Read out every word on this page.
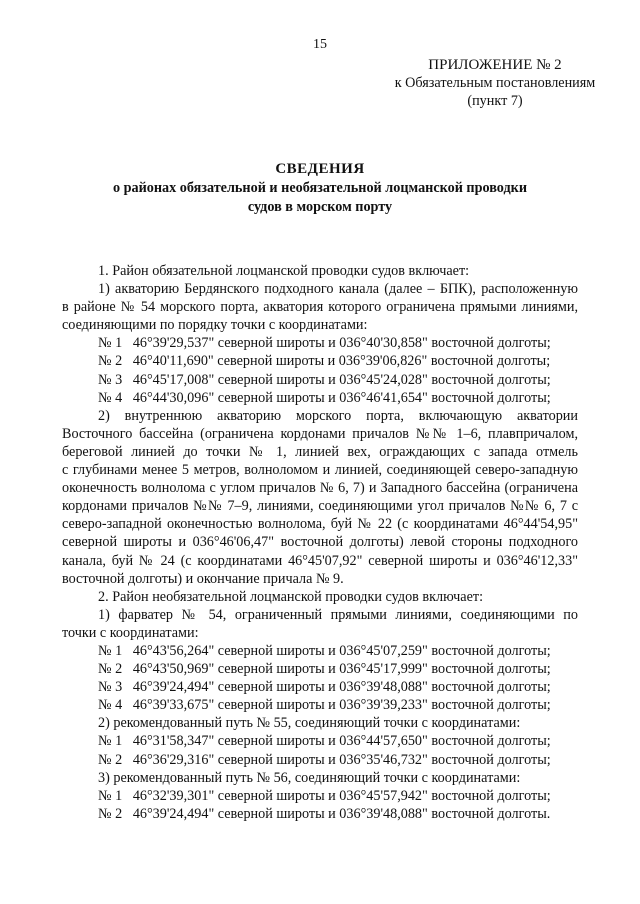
15
ПРИЛОЖЕНИЕ № 2
к Обязательным постановлениям
(пункт 7)
СВЕДЕНИЯ
о районах обязательной и необязательной лоцманской проводки
судов в морском порту
1. Район обязательной лоцманской проводки судов включает:
1) акваторию Бердянского подходного канала (далее – БПК), расположенную
в районе № 54 морского порта, акватория которого ограничена прямыми линиями,
соединяющими по порядку точки с координатами:
№ 1   46°39'29,537" северной широты и 036°40'30,858" восточной долготы;
№ 2   46°40'11,690" северной широты и 036°39'06,826" восточной долготы;
№ 3   46°45'17,008" северной широты и 036°45'24,028" восточной долготы;
№ 4   46°44'30,096" северной широты и 036°46'41,654" восточной долготы;
2) внутреннюю акваторию морского порта, включающую акватории
Восточного бассейна (ограничена кордонами причалов №№ 1–6, плавпричалом,
береговой линией до точки № 1, линией вех, ограждающих с запада отмель
с глубинами менее 5 метров, волноломом и линией, соединяющей северо-западную
оконечность волнолома с углом причалов № 6, 7) и Западного бассейна (ограничена
кордонами причалов №№ 7–9, линиями, соединяющими угол причалов №№ 6, 7 с
северо-западной оконечностью волнолома, буй № 22 (с координатами 46°44'54,95"
северной широты и 036°46'06,47" восточной долготы) левой стороны подходного
канала, буй № 24 (с координатами 46°45'07,92" северной широты и 036°46'12,33"
восточной долготы) и окончание причала № 9.
2. Район необязательной лоцманской проводки судов включает:
1) фарватер № 54, ограниченный прямыми линиями, соединяющими по
точки с координатами:
№ 1   46°43'56,264" северной широты и 036°45'07,259" восточной долготы;
№ 2   46°43'50,969" северной широты и 036°45'17,999" восточной долготы;
№ 3   46°39'24,494" северной широты и 036°39'48,088" восточной долготы;
№ 4   46°39'33,675" северной широты и 036°39'39,233" восточной долготы;
2) рекомендованный путь № 55, соединяющий точки с координатами:
№ 1   46°31'58,347" северной широты и 036°44'57,650" восточной долготы;
№ 2   46°36'29,316" северной широты и 036°35'46,732" восточной долготы;
3) рекомендованный путь № 56, соединяющий точки с координатами:
№ 1   46°32'39,301" северной широты и 036°45'57,942" восточной долготы;
№ 2   46°39'24,494" северной широты и 036°39'48,088" восточной долготы.
